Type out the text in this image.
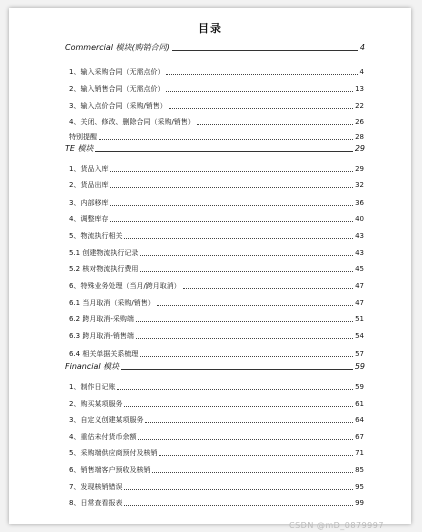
目录
Commercial 模块(购销合同)	4
1、输入采购合同（无需点价）	4
2、输入销售合同（无需点价）	13
3、输入点价合同（采购/销售）	22
4、关闭、修改、删除合同（采购/销售）	26
特别提醒	28
TE 模块	29
1、货品入库	29
2、货品出库	32
3、内部移库	36
4、调整库存	40
5、物流执行相关	43
5.1 创建物流执行记录	43
5.2 核对物流执行费用	45
6、特殊业务处理（当月/跨月取消）	47
6.1 当月取消（采购/销售）	47
6.2 跨月取消-采购端	51
6.3 跨月取消-销售端	54
6.4 相关单据关系梳理	57
Financial 模块	59
1、制作日记账	59
2、购买某项服务	61
3、自定义创建某项服务	64
4、重估未付货币余额	67
5、采购端供应商预付及核销	71
6、销售端客户预收及核销	85
7、发现核销错误	95
8、日常查看报表	99
CSDN @mD_0879997
